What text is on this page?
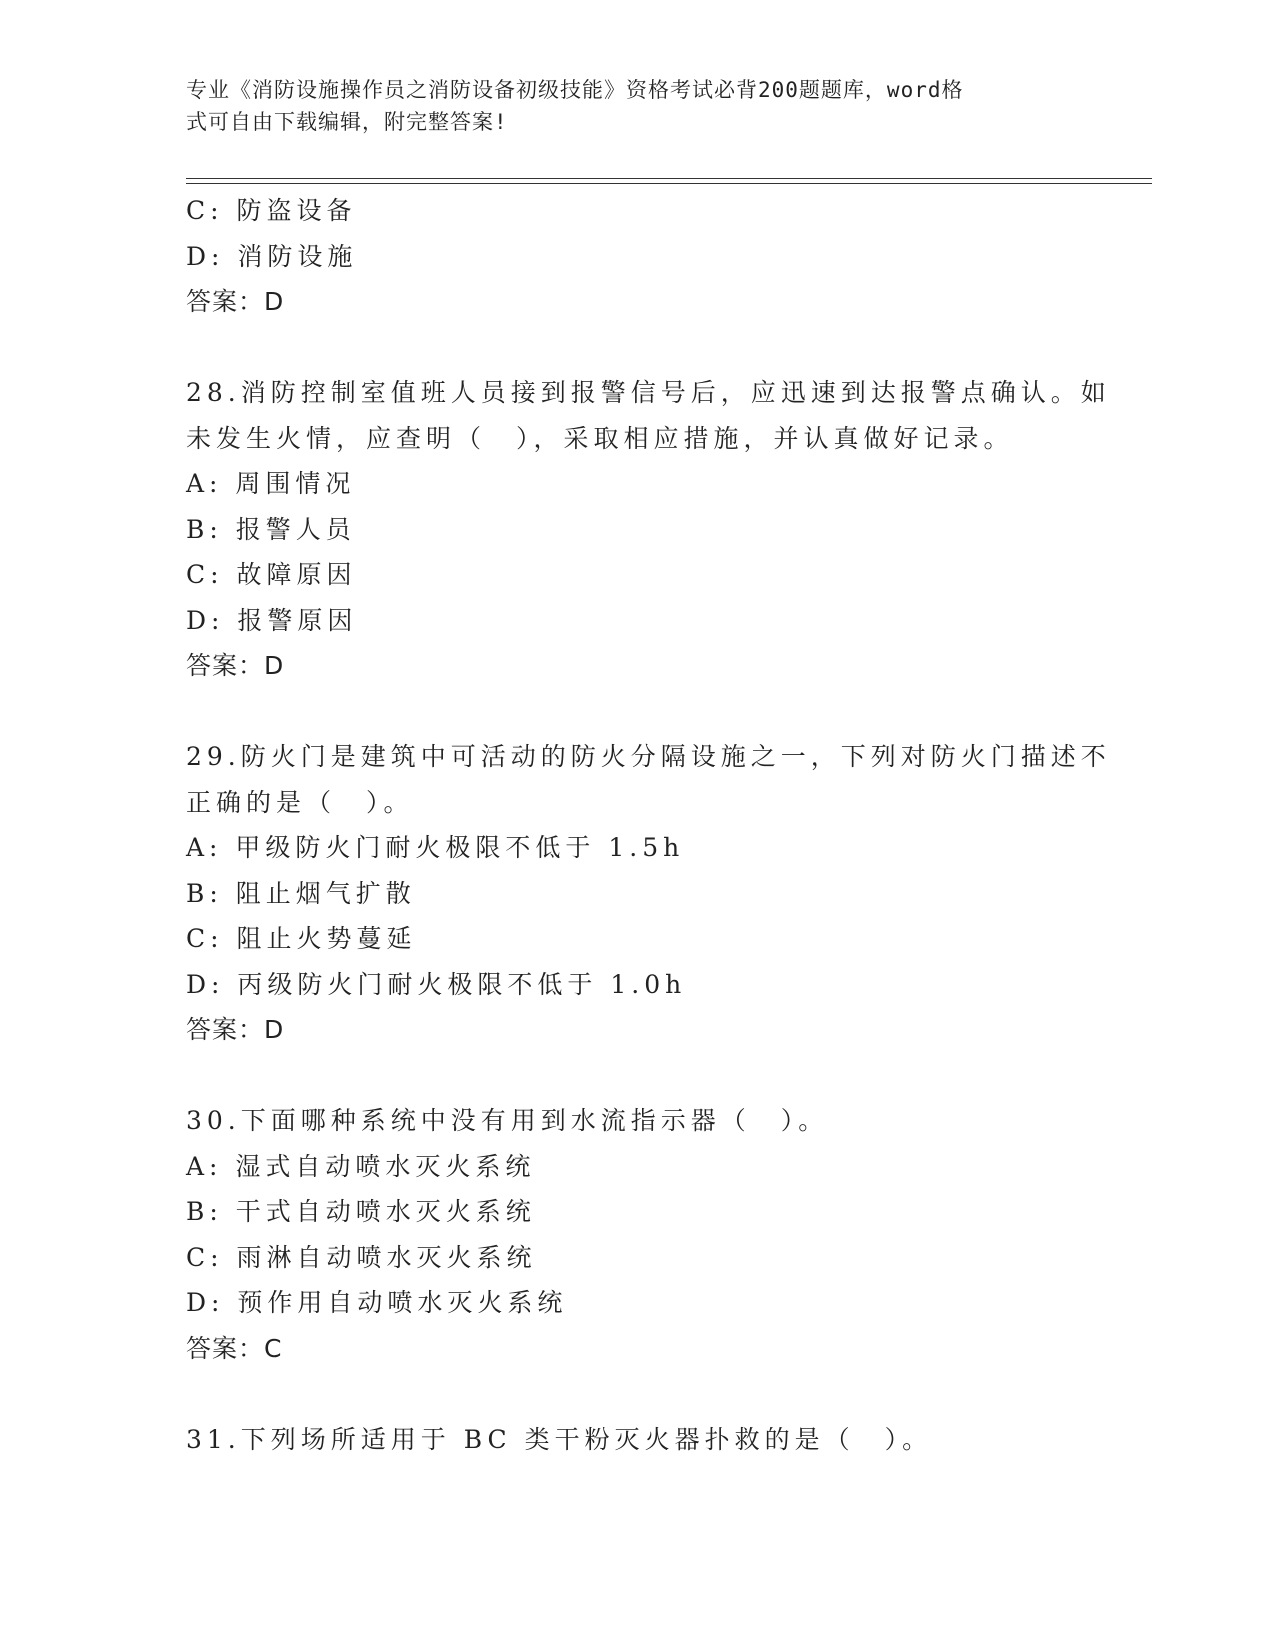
专业《消防设施操作员之消防设备初级技能》资格考试必背200题题库，word格
式可自由下载编辑，附完整答案!
C: 防盗设备
D: 消防设施
答案：D
28.消防控制室值班人员接到报警信号后，应迅速到达报警点确认。如
未发生火情，应查明（　），采取相应措施，并认真做好记录。
A: 周围情况
B: 报警人员
C: 故障原因
D: 报警原因
答案：D
29.防火门是建筑中可活动的防火分隔设施之一，下列对防火门描述不
正确的是（　）。
A: 甲级防火门耐火极限不低于 1.5h
B: 阻止烟气扩散
C: 阻止火势蔓延
D: 丙级防火门耐火极限不低于 1.0h
答案：D
30.下面哪种系统中没有用到水流指示器（　）。
A: 湿式自动喷水灭火系统
B: 干式自动喷水灭火系统
C: 雨淋自动喷水灭火系统
D: 预作用自动喷水灭火系统
答案：C
31.下列场所适用于 BC 类干粉灭火器扑救的是（　）。
